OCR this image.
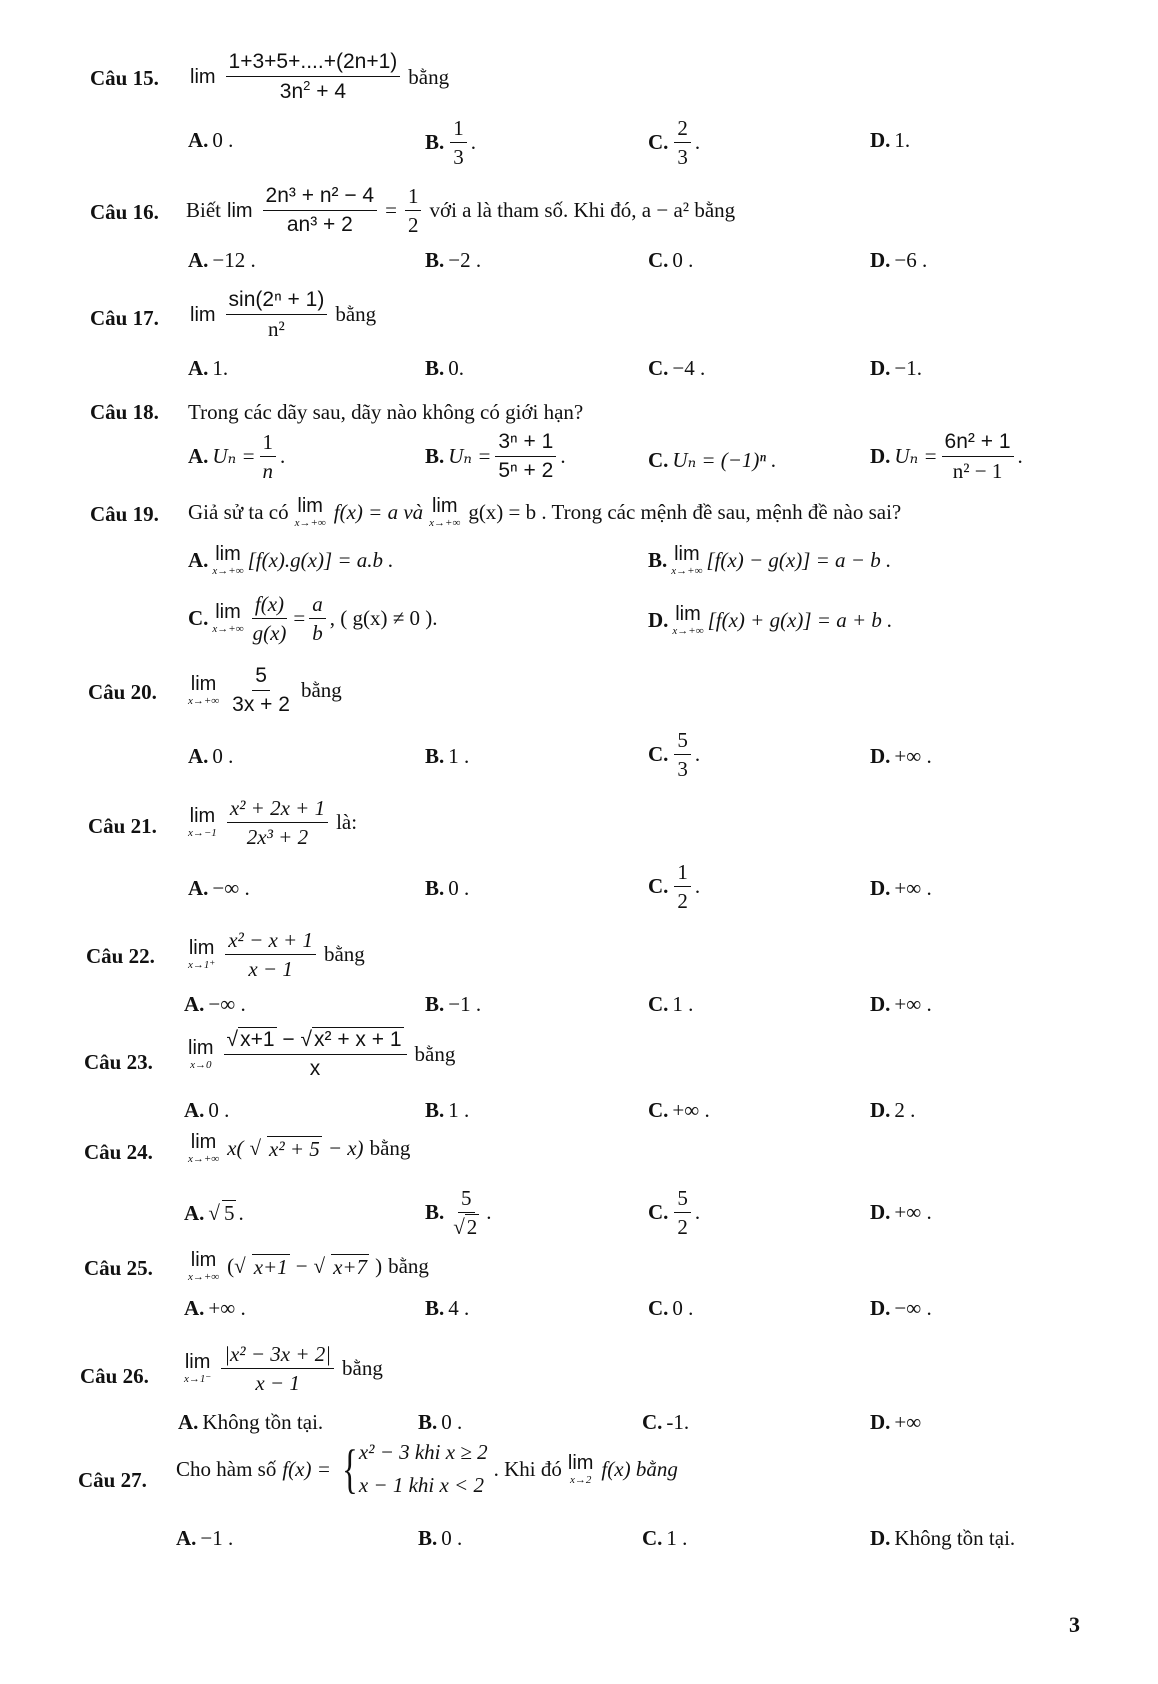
Câu 15. $\lim \frac{1+3+5+....+(2n+1)}{3n^2 + 4}$ bằng
A. 0 .	B. $\frac{1}{3}$ .	C. $\frac{2}{3}$ .	D. 1.
Câu 16. Biết $\lim \frac{\text{2n³ + n² − 4}}{\text{an³ + 2}} = \frac{1}{2}$ với a là tham số. Khi đó, a − a² bằng
A. −12 .	B. −2 .	C. 0 .	D. −6 .
Câu 17. $\lim \frac{\text{sin(2ⁿ + 1)}}{\text{n²}}$ bằng
A. 1.	B. 0.	C. −4 .	D. −1.
Câu 18. Trong các dãy sau, dãy nào không có giới hạn?
A. $U_n = \frac{1}{n}$ .	B. $U_n = \frac{\text{3ⁿ + 1}}{\text{5ⁿ + 2}}$ .	C. Uₙ = (−1)ⁿ .	D. $U_n = \frac{\text{6n² + 1}}{\text{n² − 1}}$ .
Câu 19. Giả sử ta có lim
x→+∞ f(x) = a và lim
x→+∞ g(x) = b . Trong các mệnh đề sau, mệnh đề nào sai?
A. lim
x→+∞ [f(x).g(x)] = a.b .	B. lim
x→+∞ [f(x) − g(x)] = a − b .
C. lim
$x\to+\infty \frac{f(x)}{g(x)} = \frac{a}{b}$ , ( g(x) ≠ 0 ).	D. lim
x→+∞ [f(x) + g(x)] = a + b .
Câu 20. lim
$x\to+\infty \frac{5}{3x + 2}$ bằng
A. 0 .	B. 1 .	C. $\frac{5}{3}$ .	D. +∞ .
Câu 21. lim
$x\to-1 \frac{\text{x² + 2x + 1}}{\text{2x³ + 2}}$ là:
A. −∞ .	B. 0 .	C. $\frac{1}{2}$ .	D. +∞ .
Câu 22. lim
$x\to 1^+ \frac{\text{x² − x + 1}}{x - 1}$ bằng
A. −∞ .	B. −1 .	C. 1 .	D. +∞ .
Câu 23.
lim
$x\to 0 \frac{\text{√x+1 − √x² + x + 1}}{x}$ bằng
A. 0 .	B. 1 .	C. +∞ .	D. 2 .
Câu 24. lim
x→+∞ x( √ x² + 5 − x) bằng
A. √ 5 .	B. $\frac{5}{√2}$ .	C. $\frac{5}{2}$ .	D. +∞ .
Câu 25. lim
x→+∞ (√ x+1 − √ x+7 ) bằng
A. +∞ .	B. 4 .	C. 0 .	D. −∞ .
Câu 26.
lim
$x\to 1^- \frac{\text{|x² − 3x + 2|}}{x - 1}$ bằng
A. Không tồn tại.	B. 0 .	C. -1.	D. +∞
Câu 27. Cho hàm số f(x) = { x² − 3 khi x ≥ 2
x − 1 khi x < 2
. Khi đó lim
x→2 f(x) bằng
A. −1 .	B. 0 .	C. 1 .	D. Không tồn tại.
3
